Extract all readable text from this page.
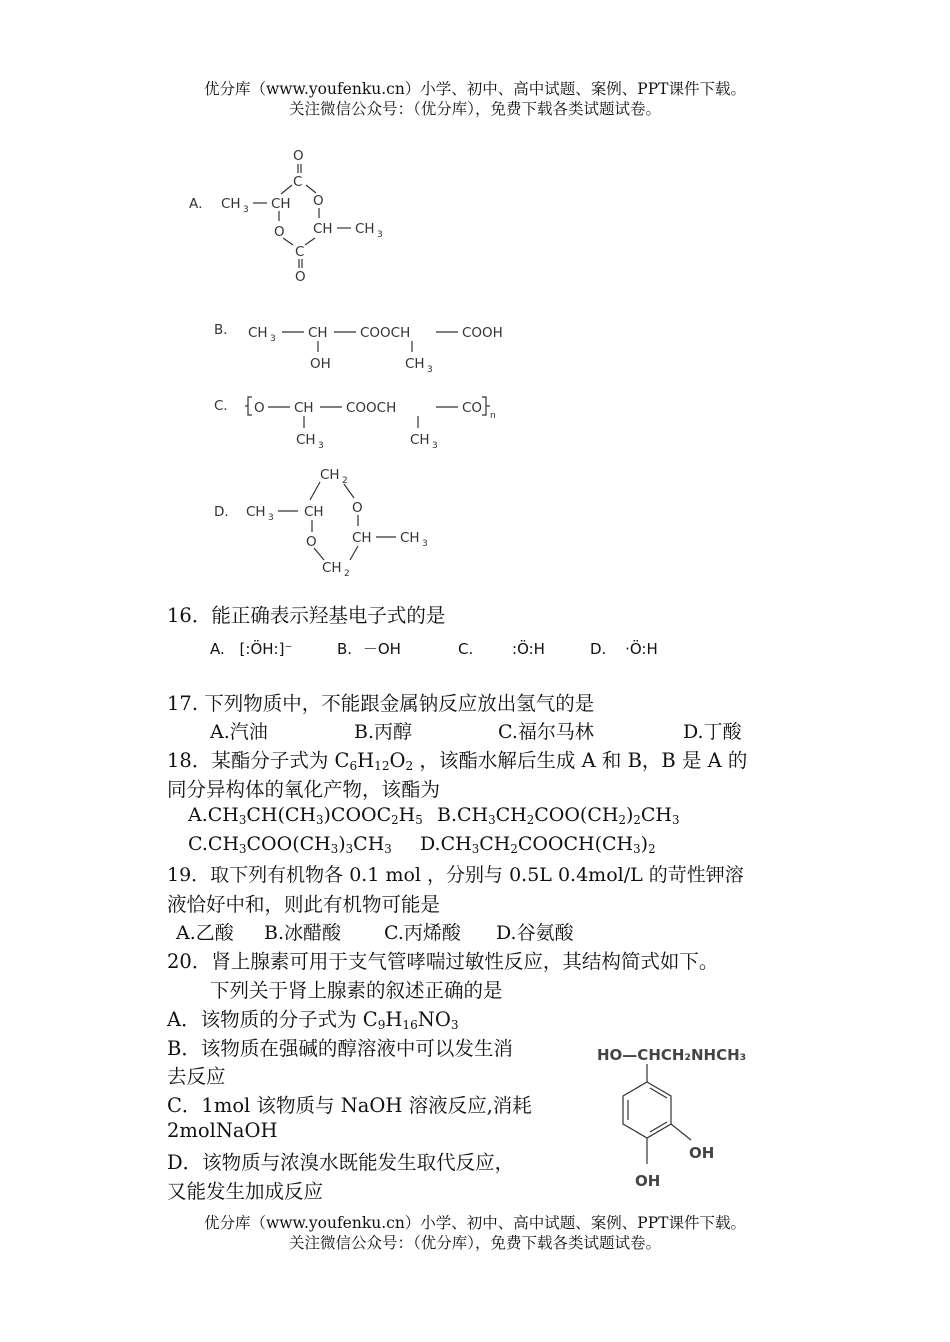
优分库（www.youfenku.cn）小学、初中、高中试题、案例、PPT课件下载。
关注微信公众号：（优分库），免费下载各类试题试卷。
A． CH 3 CH
O
C
O
CH CH 3
O
C
O
B． CH 3 CH
OH
COOCH
CH 3
COOH
C． O CH
CH 3
COOCH
CH 3
CO n
D． CH 3 CH
CH 2
O
CH CH 3
O
CH 2
16．能正确表示羟基电子式的是
A. [:ÖH:]⁻	B. －OH	C.	:Ö:H	D. ·Ö:H
17. 下列物质中，不能跟金属钠反应放出氢气的是
A.汽油	B.丙醇	C.福尔马林	D.丁酸
18．某酯分子式为 $C_6H_{12}O_2$ ，该酯水解后生成 A 和 B，B 是 A 的
同分异构体的氧化产物，该酯为
$A.CH_3CH(CH_3)COOC_2H_5$ $B.CH_3CH_2COO(CH_2)_2CH_3$
$C.CH_3COO(CH_3)_3CH_3$ $D.CH_3CH_2COOCH(CH_3)_2$
19．取下列有机物各 0.1 mol ，分别与 0.5L 0.4mol/L 的苛性钾溶
液恰好中和，则此有机物可能是
A.乙酸 B.冰醋酸 C.丙烯酸 D.谷氨酸
20．肾上腺素可用于支气管哮喘过敏性反应，其结构简式如下。
下列关于肾上腺素的叙述正确的是
A．该物质的分子式为 $C_9H_{16}NO_3$
B．该物质在强碱的醇溶液中可以发生消
去反应
C．1mol 该物质与 NaOH 溶液反应,消耗
2molNaOH
D．该物质与浓溴水既能发生取代反应，
又能发生加成反应
HO—CHCH₂NHCH₃
OH
OH
优分库（www.youfenku.cn）小学、初中、高中试题、案例、PPT课件下载。
关注微信公众号：（优分库），免费下载各类试题试卷。
